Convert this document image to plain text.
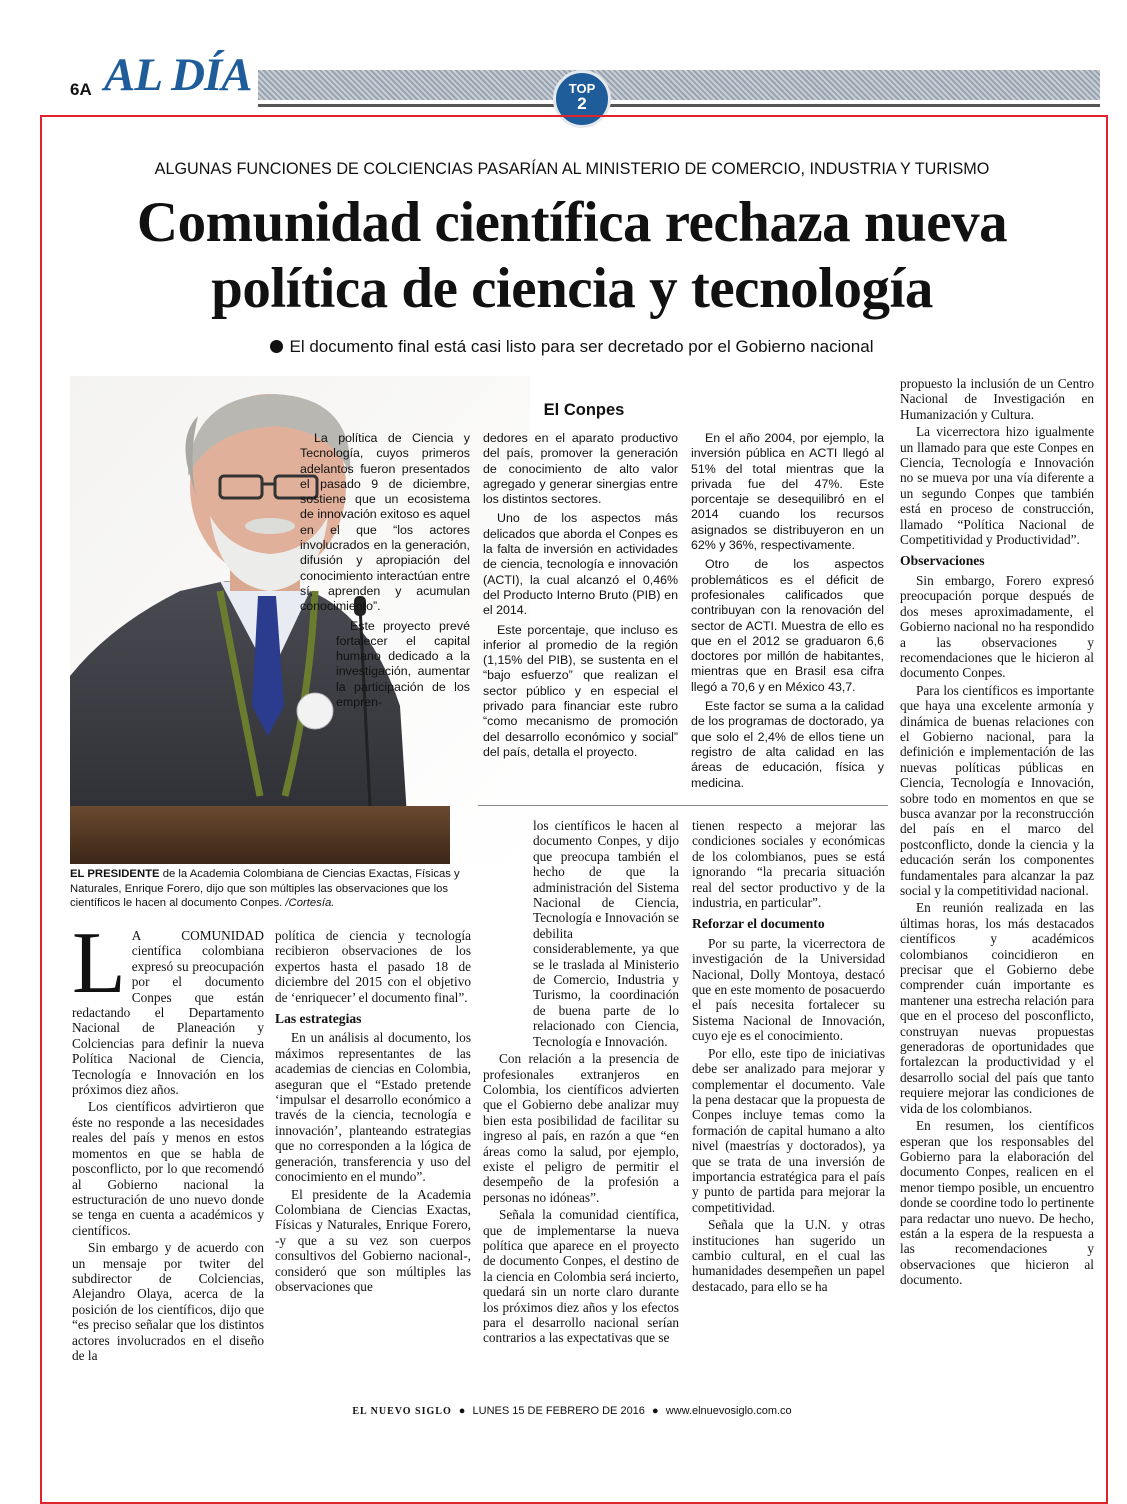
6A AL DÍA	TOP
2
ALGUNAS FUNCIONES DE COLCIENCIAS PASARÍAN AL MINISTERIO DE COMERCIO, INDUSTRIA Y TURISMO
Comunidad científica rechaza nueva
política de ciencia y tecnología
El documento final está casi listo para ser decretado por el Gobierno nacional
EL PRESIDENTE de la Academia Colombiana de Ciencias Exactas, Físicas y Naturales, Enrique Forero, dijo que son múltiples las observaciones que los científicos le hacen al documento Conpes. /Cortesía.
El Conpes

La política de Ciencia y Tecnología, cuyos primeros adelantos fueron presentados el pasado 9 de diciembre, sostiene que un ecosistema de innovación exitoso es aquel en el que “los actores involucrados en la generación, difusión y apropiación del conocimiento interactúan entre sí, aprenden y acumulan conocimiento”.

Este proyecto prevé fortalecer el capital humano dedicado a la investigación, aumentar la participación de los empren-

dedores en el aparato productivo del país, promover la generación de conocimiento de alto valor agregado y generar sinergias entre los distintos sectores.

Uno de los aspectos más delicados que aborda el Conpes es la falta de inversión en actividades de ciencia, tecnología e innovación (ACTI), la cual alcanzó el 0,46% del Producto Interno Bruto (PIB) en el 2014.

Este porcentaje, que incluso es inferior al promedio de la región (1,15% del PIB), se sustenta en el “bajo esfuerzo” que realizan el sector público y en especial el privado para financiar este rubro “como mecanismo de promoción del desarrollo económico y social” del país, detalla el proyecto.

En el año 2004, por ejemplo, la inversión pública en ACTI llegó al 51% del total mientras que la privada fue del 47%. Este porcentaje se desequilibró en el 2014 cuando los recursos asignados se distribuyeron en un 62% y 36%, respectivamente.

Otro de los aspectos problemáticos es el déficit de profesionales calificados que contribuyan con la renovación del sector de ACTI. Muestra de ello es que en el 2012 se graduaron 6,6 doctores por millón de habitantes, mientras que en Brasil esa cifra llegó a 70,6 y en México 43,7.

Este factor se suma a la calidad de los programas de doctorado, ya que solo el 2,4% de ellos tiene un registro de alta calidad en las áreas de educación, física y medicina.

L A COMUNIDAD científica colombiana expresó su preocupación por el documento Conpes que están redactando el Departamento Nacional de Planeación y Colciencias para definir la nueva Política Nacional de Ciencia, Tecnología e Innovación en los próximos diez años.

Los científicos advirtieron que éste no responde a las necesidades reales del país y menos en estos momentos en que se habla de posconflicto, por lo que recomendó al Gobierno nacional la estructuración de uno nuevo donde se tenga en cuenta a académicos y científicos.

Sin embargo y de acuerdo con un mensaje por twiter del subdirector de Colciencias, Alejandro Olaya, acerca de la posición de los científicos, dijo que “es preciso señalar que los distintos actores involucrados en el diseño de la

política de ciencia y tecnología recibieron observaciones de los expertos hasta el pasado 18 de diciembre del 2015 con el objetivo de ‘enriquecer’ el documento final”.

Las estrategias

En un análisis al documento, los máximos representantes de las academias de ciencias en Colombia, aseguran que el “Estado pretende ‘impulsar el desarrollo económico a través de la ciencia, tecnología e innovación’, planteando estrategias que no corresponden a la lógica de generación, transferencia y uso del conocimiento en el mundo”.

El presidente de la Academia Colombiana de Ciencias Exactas, Físicas y Naturales, Enrique Forero, -y que a su vez son cuerpos consultivos del Gobierno nacional-, consideró que son múltiples las observaciones que

los científicos le hacen al documento Conpes, y dijo que preocupa también el hecho de que la administración del Sistema Nacional de Ciencia, Tecnología e Innovación se debilita considerablemente, ya que se le traslada al Ministerio de Comercio, Industria y Turismo, la coordinación de buena parte de lo relacionado con Ciencia, Tecnología e Innovación.

Con relación a la presencia de profesionales extranjeros en Colombia, los científicos advierten que el Gobierno debe analizar muy bien esta posibilidad de facilitar su ingreso al país, en razón a que “en áreas como la salud, por ejemplo, existe el peligro de permitir el desempeño de la profesión a personas no idóneas”.

Señala la comunidad científica, que de implementarse la nueva política que aparece en el proyecto de documento Conpes, el destino de la ciencia en Colombia será incierto, quedará sin un norte claro durante los próximos diez años y los efectos para el desarrollo nacional serían contrarios a las expectativas que se

tienen respecto a mejorar las condiciones sociales y económicas de los colombianos, pues se está ignorando “la precaria situación real del sector productivo y de la industria, en particular”.

Reforzar el documento

Por su parte, la vicerrectora de investigación de la Universidad Nacional, Dolly Montoya, destacó que en este momento de posacuerdo el país necesita fortalecer su Sistema Nacional de Innovación, cuyo eje es el conocimiento.

Por ello, este tipo de iniciativas debe ser analizado para mejorar y complementar el documento. Vale la pena destacar que la propuesta de Conpes incluye temas como la formación de capital humano a alto nivel (maestrías y doctorados), ya que se trata de una inversión de importancia estratégica para el país y punto de partida para mejorar la competitividad.

Señala que la U.N. y otras instituciones han sugerido un cambio cultural, en el cual las humanidades desempeñen un papel destacado, para ello se ha

propuesto la inclusión de un Centro Nacional de Investigación en Humanización y Cultura.

La vicerrectora hizo igualmente un llamado para que este Conpes en Ciencia, Tecnología e Innovación no se mueva por una vía diferente a un segundo Conpes que también está en proceso de construcción, llamado “Política Nacional de Competitividad y Productividad”.

Observaciones

Sin embargo, Forero expresó preocupación porque después de dos meses aproximadamente, el Gobierno nacional no ha respondido a las observaciones y recomendaciones que le hicieron al documento Conpes.

Para los científicos es importante que haya una excelente armonía y dinámica de buenas relaciones con el Gobierno nacional, para la definición e implementación de las nuevas políticas públicas en Ciencia, Tecnología e Innovación, sobre todo en momentos en que se busca avanzar por la reconstrucción del país en el marco del postconflicto, donde la ciencia y la educación serán los componentes fundamentales para alcanzar la paz social y la competitividad nacional.

En reunión realizada en las últimas horas, los más destacados científicos y académicos colombianos coincidieron en precisar que el Gobierno debe comprender cuán importante es mantener una estrecha relación para que en el proceso del posconflicto, construyan nuevas propuestas generadoras de oportunidades que fortalezcan la productividad y el desarrollo social del país que tanto requiere mejorar las condiciones de vida de los colombianos.

En resumen, los científicos esperan que los responsables del Gobierno para la elaboración del documento Conpes, realicen en el menor tiempo posible, un encuentro donde se coordine todo lo pertinente para redactar uno nuevo. De hecho, están a la espera de la respuesta a las recomendaciones y observaciones que hicieron al documento.

EL NUEVO SIGLO ● LUNES 15 DE FEBRERO DE 2016 ● www.elnuevosiglo.com.co
